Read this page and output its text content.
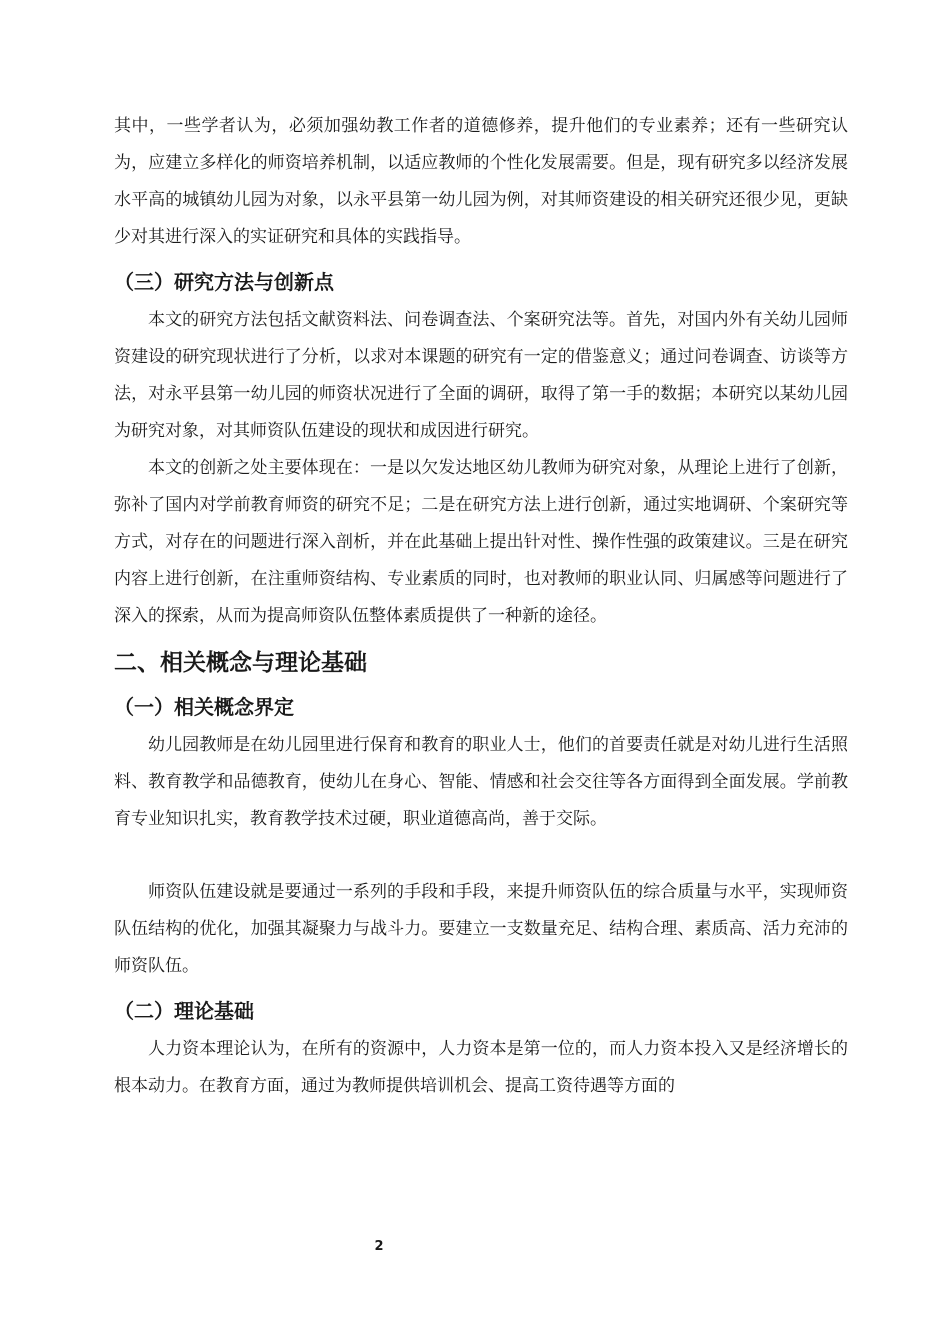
其中，一些学者认为，必须加强幼教工作者的道德修养，提升他们的专业素养；还有一些研究认为，应建立多样化的师资培养机制，以适应教师的个性化发展需要。但是，现有研究多以经济发展水平高的城镇幼儿园为对象，以永平县第一幼儿园为例，对其师资建设的相关研究还很少见，更缺少对其进行深入的实证研究和具体的实践指导。

（三）研究方法与创新点

本文的研究方法包括文献资料法、问卷调查法、个案研究法等。首先，对国内外有关幼儿园师资建设的研究现状进行了分析，以求对本课题的研究有一定的借鉴意义；通过问卷调查、访谈等方法，对永平县第一幼儿园的师资状况进行了全面的调研，取得了第一手的数据；本研究以某幼儿园为研究对象，对其师资队伍建设的现状和成因进行研究。

本文的创新之处主要体现在：一是以欠发达地区幼儿教师为研究对象，从理论上进行了创新，弥补了国内对学前教育师资的研究不足；二是在研究方法上进行创新，通过实地调研、个案研究等方式，对存在的问题进行深入剖析，并在此基础上提出针对性、操作性强的政策建议。三是在研究内容上进行创新，在注重师资结构、专业素质的同时，也对教师的职业认同、归属感等问题进行了深入的探索，从而为提高师资队伍整体素质提供了一种新的途径。

二、相关概念与理论基础
（一）相关概念界定

幼儿园教师是在幼儿园里进行保育和教育的职业人士，他们的首要责任就是对幼儿进行生活照料、教育教学和品德教育，使幼儿在身心、智能、情感和社会交往等各方面得到全面发展。学前教育专业知识扎实，教育教学技术过硬，职业道德高尚，善于交际。

师资队伍建设就是要通过一系列的手段和手段，来提升师资队伍的综合质量与水平，实现师资队伍结构的优化，加强其凝聚力与战斗力。要建立一支数量充足、结构合理、素质高、活力充沛的师资队伍。

（二）理论基础

人力资本理论认为，在所有的资源中，人力资本是第一位的，而人力资本投入又是经济增长的根本动力。在教育方面，通过为教师提供培训机会、提高工资待遇等方面的

2
